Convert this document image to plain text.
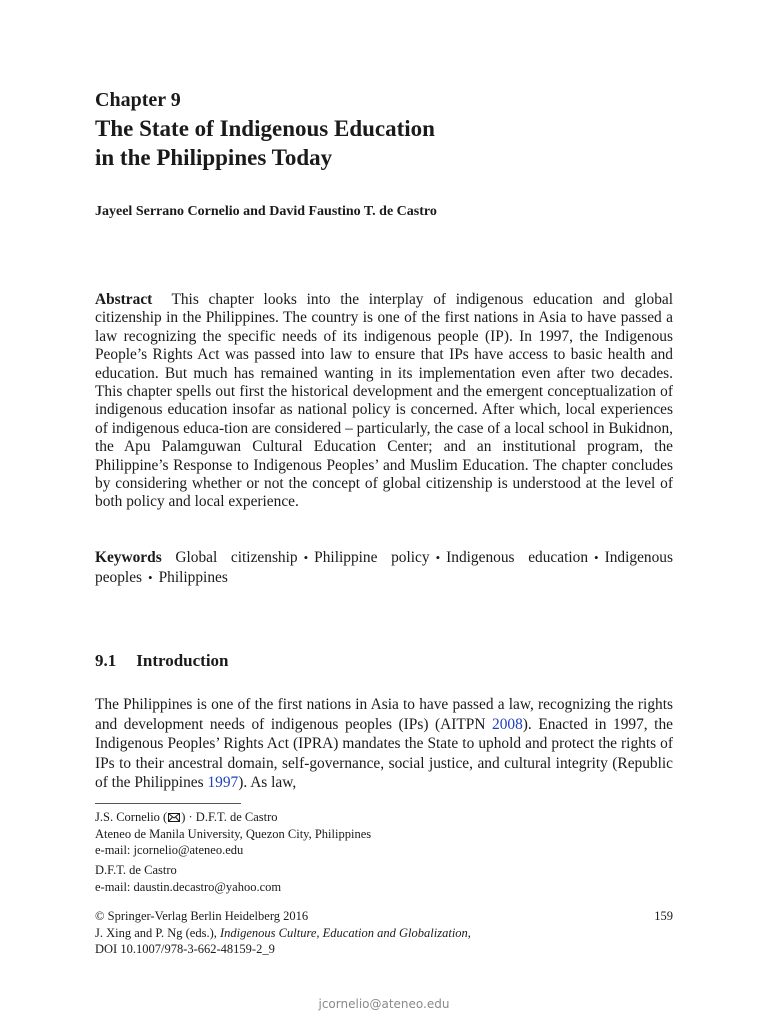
Chapter 9
The State of Indigenous Education
in the Philippines Today
Jayeel Serrano Cornelio and David Faustino T. de Castro

Abstract This chapter looks into the interplay of indigenous education and global citizenship in the Philippines. The country is one of the first nations in Asia to have passed a law recognizing the specific needs of its indigenous people (IP). In 1997, the Indigenous People’s Rights Act was passed into law to ensure that IPs have access to basic health and education. But much has remained wanting in its implementation even after two decades. This chapter spells out first the historical development and the emergent conceptualization of indigenous education insofar as national policy is concerned. After which, local experiences of indigenous educa-tion are considered – particularly, the case of a local school in Bukidnon, the Apu Palamguwan Cultural Education Center; and an institutional program, the Philippine’s Response to Indigenous Peoples’ and Muslim Education. The chapter concludes by considering whether or not the concept of global citizenship is understood at the level of both policy and local experience.

Keywords Global citizenship • Philippine policy • Indigenous education • Indigenous peoples • Philippines

9.1 Introduction

The Philippines is one of the first nations in Asia to have passed a law, recognizing the rights and development needs of indigenous peoples (IPs) (AITPN 2008). Enacted in 1997, the Indigenous Peoples’ Rights Act (IPRA) mandates the State to uphold and protect the rights of IPs to their ancestral domain, self-governance, social justice, and cultural integrity (Republic of the Philippines 1997). As law,

J.S. Cornelio ( ) · D.F.T. de Castro
Ateneo de Manila University, Quezon City, Philippines
e-mail: jcornelio@ateneo.edu
D.F.T. de Castro
e-mail: daustin.decastro@yahoo.com
© Springer-Verlag Berlin Heidelberg 2016
J. Xing and P. Ng (eds.), Indigenous Culture, Education and Globalization,
DOI 10.1007/978-3-662-48159-2_9
159
jcornelio@ateneo.edu
